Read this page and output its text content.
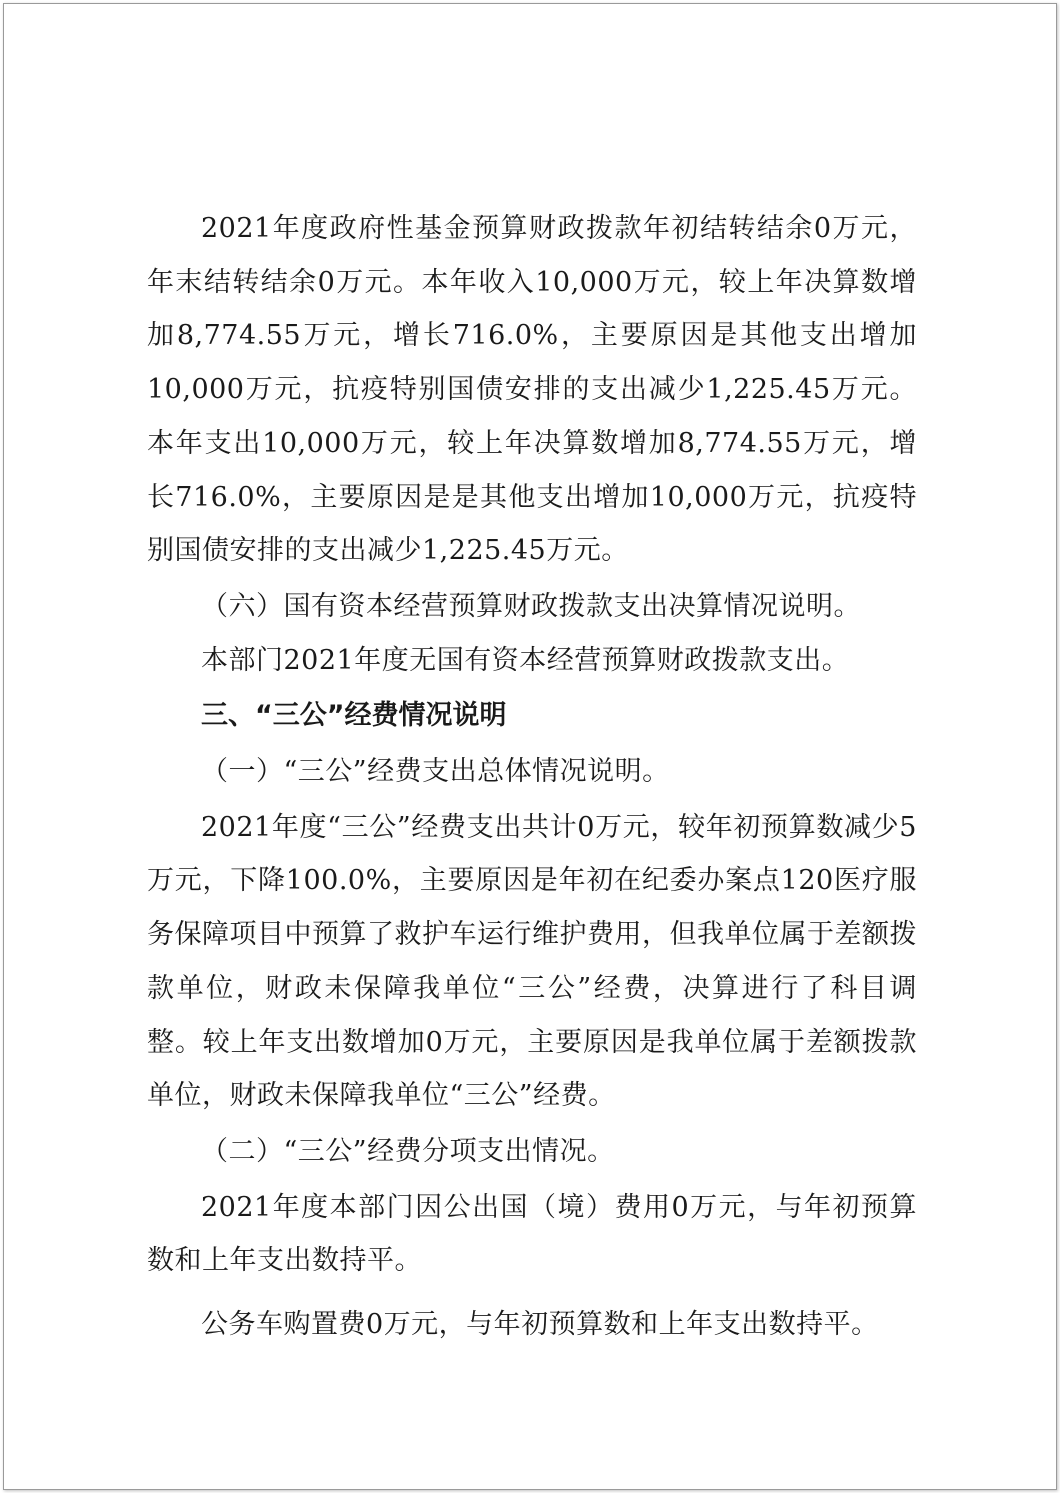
2021年度政府性基金预算财政拨款年初结转结余0万元，年末结转结余0万元。本年收入10,000万元，较上年决算数增加8,774.55万元，增长716.0%，主要原因是其他支出增加10,000万元，抗疫特别国债安排的支出减少1,225.45万元。本年支出10,000万元，较上年决算数增加8,774.55万元，增长716.0%，主要原因是是其他支出增加10,000万元，抗疫特别国债安排的支出减少1,225.45万元。

（六）国有资本经营预算财政拨款支出决算情况说明。

本部门2021年度无国有资本经营预算财政拨款支出。

三、“三公”经费情况说明

（一）“三公”经费支出总体情况说明。

2021年度“三公”经费支出共计0万元，较年初预算数减少5万元，下降100.0%，主要原因是年初在纪委办案点120医疗服务保障项目中预算了救护车运行维护费用，但我单位属于差额拨款单位，财政未保障我单位“三公”经费，决算进行了科目调整。较上年支出数增加0万元，主要原因是我单位属于差额拨款单位，财政未保障我单位“三公”经费。

（二）“三公”经费分项支出情况。

2021年度本部门因公出国（境）费用0万元，与年初预算数和上年支出数持平。

公务车购置费0万元，与年初预算数和上年支出数持平。
